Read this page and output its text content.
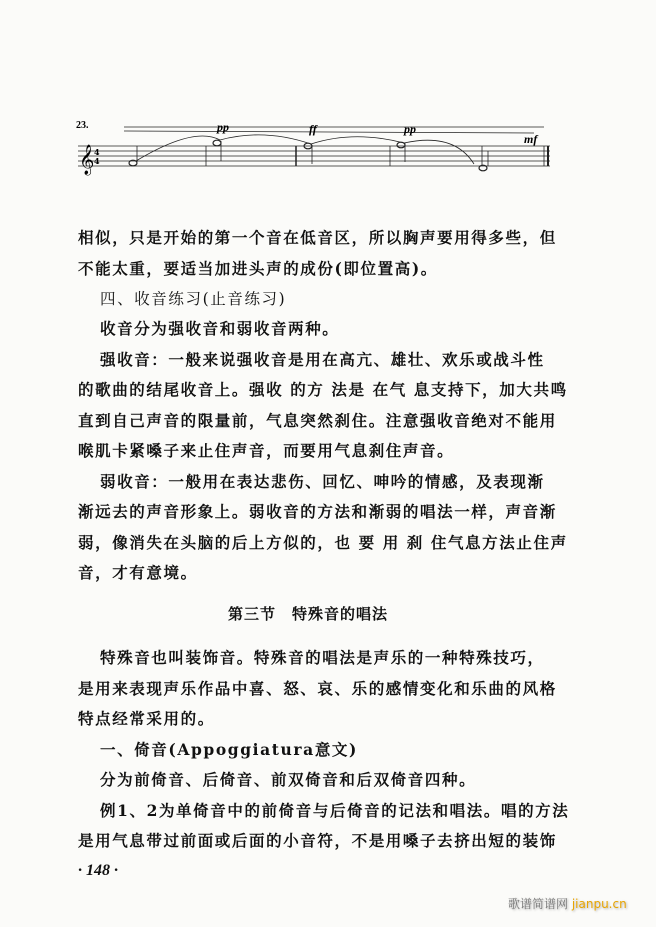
23.
𝄞 4
4
pp	ff	pp
mf
相似，只是开始的第一个音在低音区，所以胸声要用得多些，但
不能太重，要适当加进头声的成份(即位置高)。
四、收音练习(止音练习)
收音分为强收音和弱收音两种。
强收音：一般来说强收音是用在高亢、雄壮、欢乐或战斗性
的歌曲的结尾收音上。强收 的方 法是 在气 息支持下，加大共鸣
直到自己声音的限量前，气息突然刹住。注意强收音绝对不能用
喉肌卡紧嗓子来止住声音，而要用气息刹住声音。
弱收音：一般用在表达悲伤、回忆、呻吟的情感，及表现渐
渐远去的声音形象上。弱收音的方法和渐弱的唱法一样，声音渐
弱，像消失在头脑的后上方似的，也 要 用 刹 住气息方法止住声
音，才有意境。
第三节　特殊音的唱法
特殊音也叫装饰音。特殊音的唱法是声乐的一种特殊技巧，
是用来表现声乐作品中喜、怒、哀、乐的感情变化和乐曲的风格
特点经常采用的。
一、倚音(Appoggiatura意文)
分为前倚音、后倚音、前双倚音和后双倚音四种。
例1、2为单倚音中的前倚音与后倚音的记法和唱法。唱的方法
是用气息带过前面或后面的小音符，不是用嗓子去挤出短的装饰
· 148 ·
歌谱简谱网 jianpu.cn
